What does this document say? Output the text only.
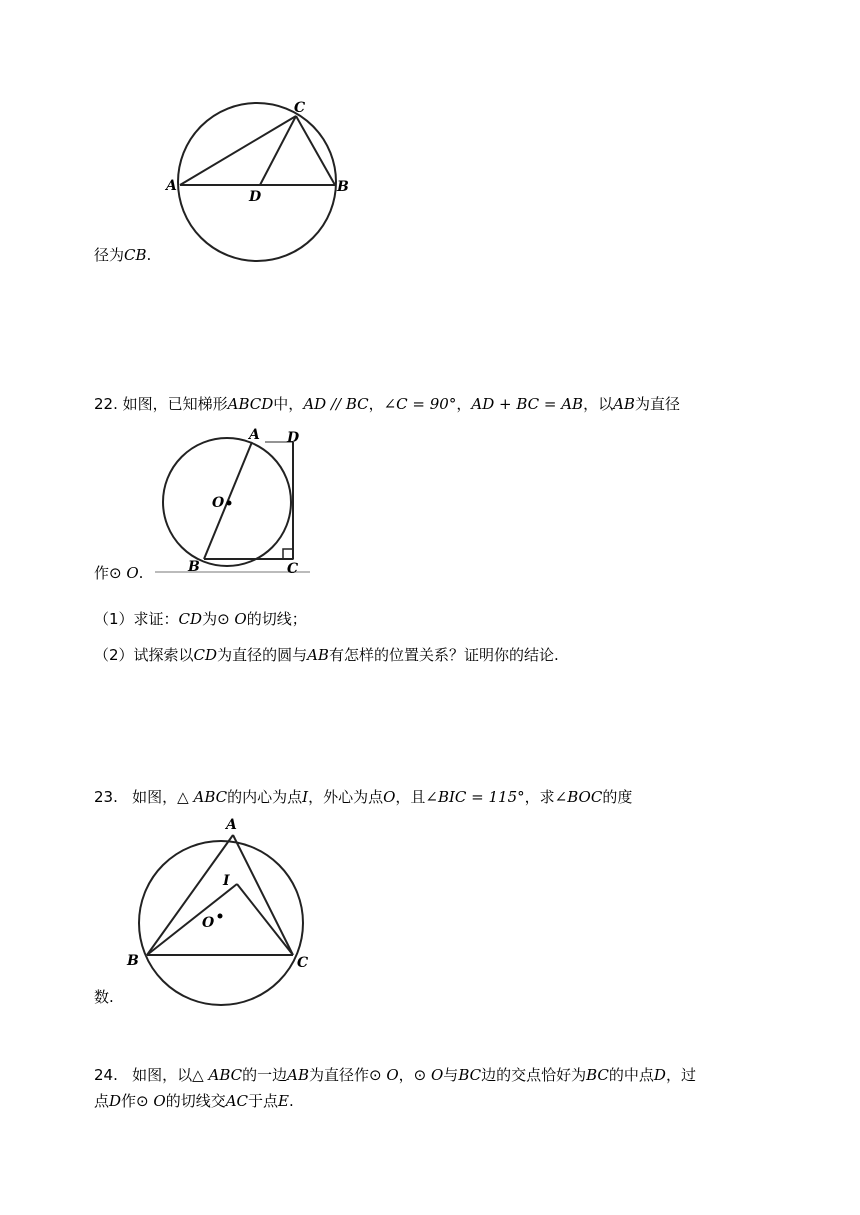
A	B
C
D
径为CB.
22. 如图，已知梯形ABCD中，AD // BC，∠C = 90°，AD + BC = AB，以AB为直径
A D
O
B	C
作⊙ O.
（1）求证：CD为⊙ O的切线；
（2）试探索以CD为直径的圆与AB有怎样的位置关系？证明你的结论.
23. 如图，△ ABC的内心为点I，外心为点O，且∠BIC = 115°，求∠BOC的度
A
I
O
B	C
数.
24. 如图，以△ ABC的一边AB为直径作⊙ O，⊙ O与BC边的交点恰好为BC的中点D，过
点D作⊙ O的切线交AC于点E.
